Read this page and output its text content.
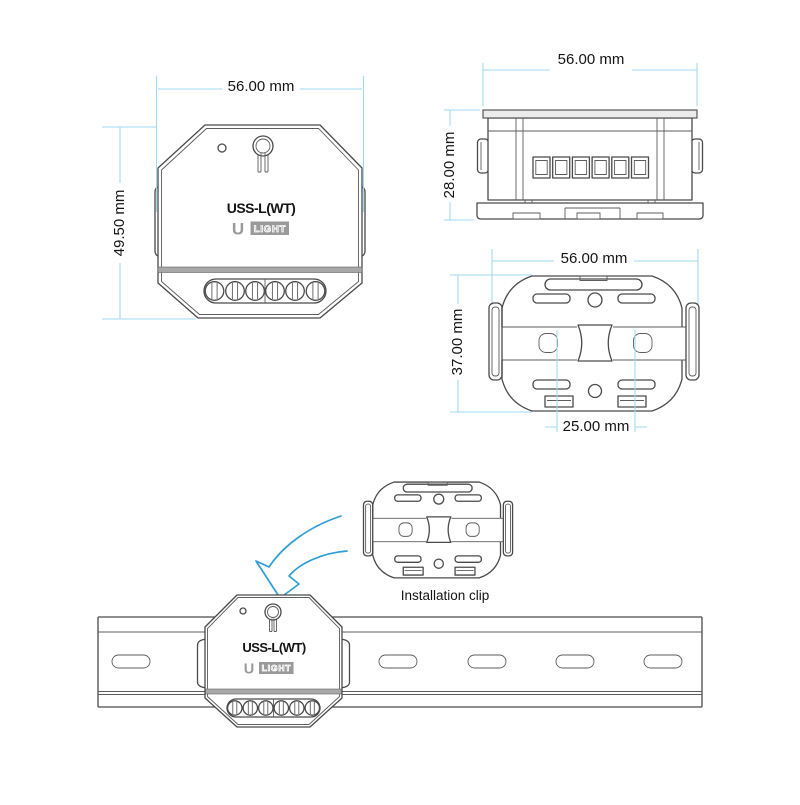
USS-L(WT)
U LIGHT
56.00 mm
49.50 mm
56.00 mm
28.00 mm
56.00 mm
37.00 mm
25.00 mm
Installation clip
USS-L(WT)
U LIGHT
